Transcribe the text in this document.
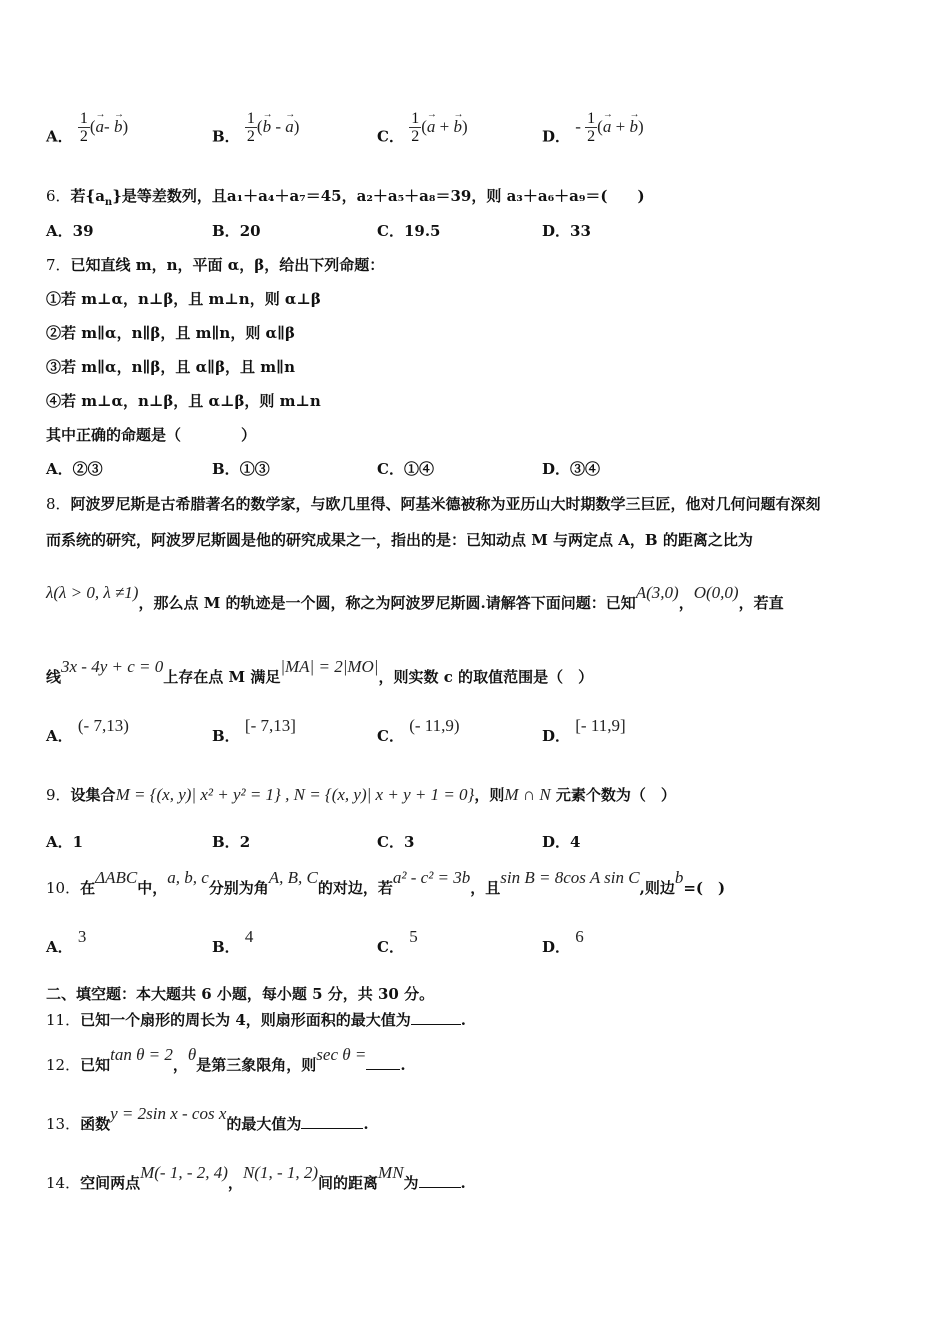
A． $\frac{1}{2}$ (→ a- → b)
B． $\frac{1}{2}$ (→ b - → a)
C． $\frac{1}{2}$ (→ a + → b)
D． - $\frac{1}{2}$ (→ a + → b)
6．若$\{a_n\}$是等差数列，且a₁＋a₄＋a₇＝45，a₂＋a₅＋a₈＝39，则 a₃＋a₆＋a₉＝(　　)
A．39	B．20	C．19.5	D．33
7．已知直线 m，n，平面 α，β，给出下列命题：
①若 m⊥α，n⊥β，且 m⊥n，则 α⊥β
②若 m∥α，n∥β，且 m∥n，则 α∥β
③若 m∥α，n∥β，且 α∥β，且 m∥n
④若 m⊥α，n⊥β，且 α⊥β，则 m⊥n
其中正确的命题是（　　　　）
A．②③	B．①③	C．①④	D．③④
8．阿波罗尼斯是古希腊著名的数学家，与欧几里得、阿基米德被称为亚历山大时期数学三巨匠，他对几何问题有深刻
而系统的研究，阿波罗尼斯圆是他的研究成果之一，指出的是：已知动点 M 与两定点 A，B 的距离之比为
λ(λ > 0, λ ≠1)，那么点 M 的轨迹是一个圆，称之为阿波罗尼斯圆.请解答下面问题：已知A(3,0)，O(0,0)，若直
线3x - 4y + c = 0上存在点 M 满足|MA| = 2|MO|，则实数 c 的取值范围是（　）
A． (- 7,13)
B． [- 7,13]
C． (- 11,9)
D． [- 11,9]
9．设集合M = {(x, y)| x² + y² = 1} , N = {(x, y)| x + y + 1 = 0}，则M ∩ N 元素个数为（　）
A．1	B．2	C．3	D．4
10．在ΔABC中，a, b, c分别为角A, B, C的对边，若a² - c² = 3b，且sin B = 8cos A sin C,则边b=(　)
A． 3
B． 4
C． 5
D． 6
二、填空题：本大题共 6 小题，每小题 5 分，共 30 分。
11．已知一个扇形的周长为 4，则扇形面积的最大值为	.
12．已知tan θ = 2，θ是第三象限角，则sec θ =.
13．函数y = 2sin x - cos x的最大值为	.
14．空间两点M(- 1, - 2, 4)，N(1, - 1, 2)间的距离MN为	.
